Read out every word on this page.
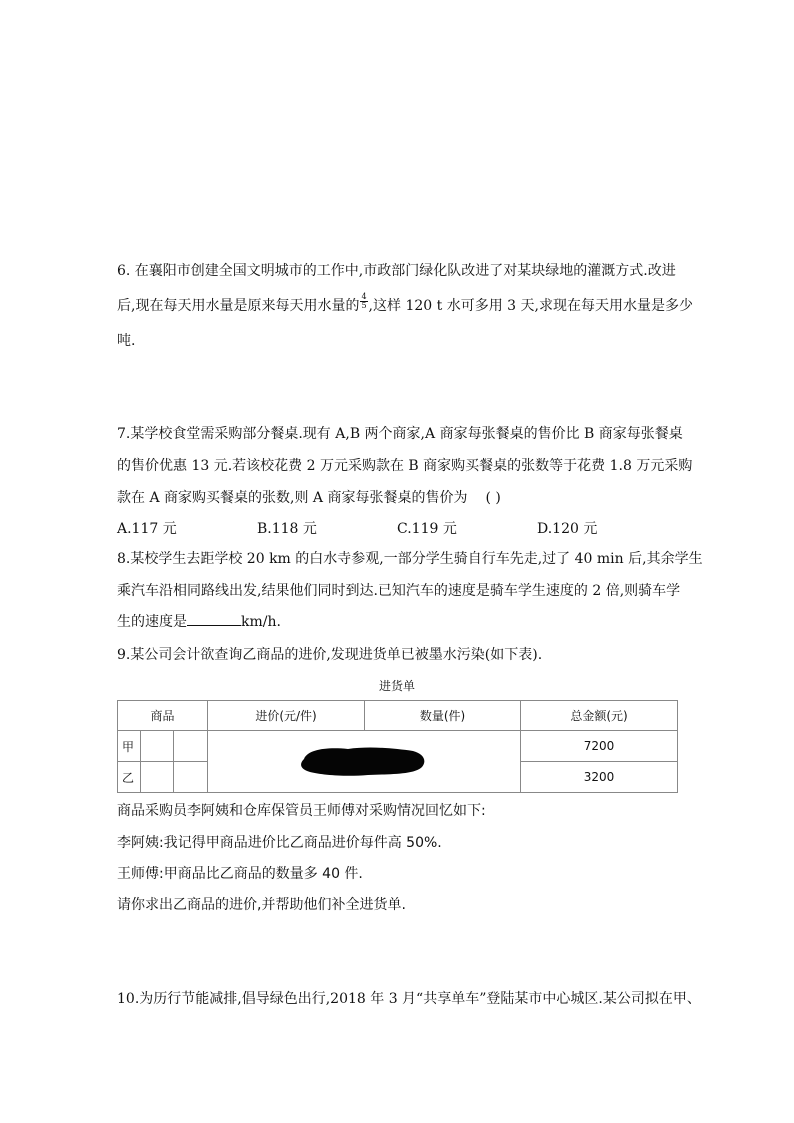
6. 在襄阳市创建全国文明城市的工作中,市政部门绿化队改进了对某块绿地的灌溉方式.改进
后,现在每天用水量是原来每天用水量的 $\frac{4}{5}$ ,这样 120 t 水可多用 3 天,求现在每天用水量是多少
吨.
7.某学校食堂需采购部分餐桌.现有 A,B 两个商家,A 商家每张餐桌的售价比 B 商家每张餐桌
的售价优惠 13 元.若该校花费 2 万元采购款在 B 商家购买餐桌的张数等于花费 1.8 万元采购
款在 A 商家购买餐桌的张数,则 A 商家每张餐桌的售价为 ( )
A.117 元	B.118 元	C.119 元	D.120 元
8.某校学生去距学校 20 km 的白水寺参观,一部分学生骑自行车先走,过了 40 min 后,其余学生
乘汽车沿相同路线出发,结果他们同时到达.已知汽车的速度是骑车学生速度的 2 倍,则骑车学
生的速度是	km/h.
9.某公司会计欲查询乙商品的进价,发现进货单已被墨水污染(如下表).
进货单
商品			进价(元/件)	数量(件)	总金额(元)
甲					7200
乙					3200
商品采购员李阿姨和仓库保管员王师傅对采购情况回忆如下:
李阿姨:我记得甲商品进价比乙商品进价每件高 50%.
王师傅:甲商品比乙商品的数量多 40 件.
请你求出乙商品的进价,并帮助他们补全进货单.
10.为历行节能减排,倡导绿色出行,2018 年 3 月“共享单车”登陆某市中心城区.某公司拟在甲、
